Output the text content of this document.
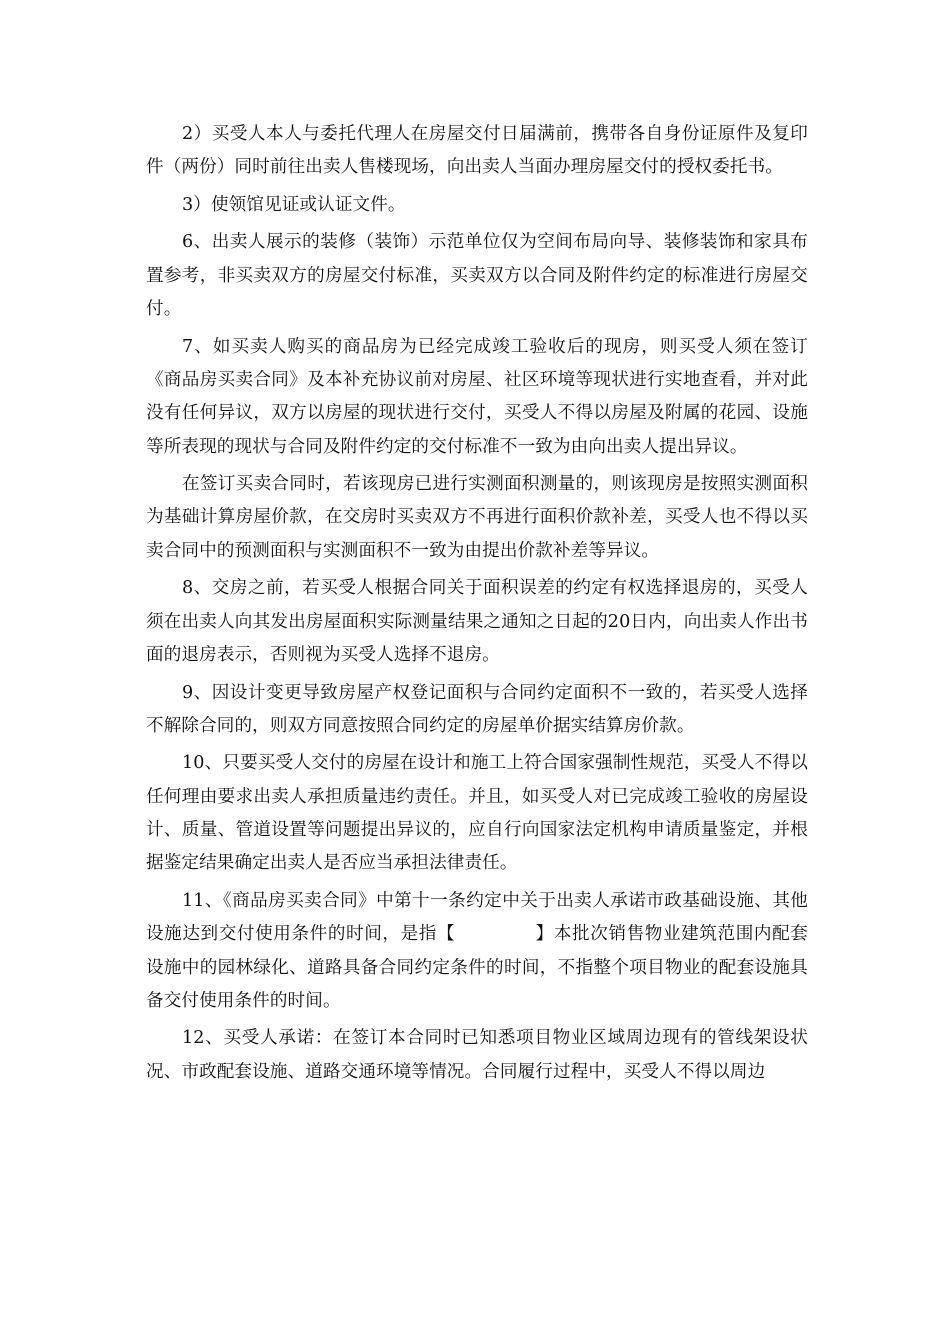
2）买受人本人与委托代理人在房屋交付日届满前，携带各自身份证原件及复印件（两份）同时前往出卖人售楼现场，向出卖人当面办理房屋交付的授权委托书。

3）使领馆见证或认证文件。

6、出卖人展示的装修（装饰）示范单位仅为空间布局向导、装修装饰和家具布置参考，非买卖双方的房屋交付标准，买卖双方以合同及附件约定的标准进行房屋交付。

7、如买卖人购买的商品房为已经完成竣工验收后的现房，则买受人须在签订《商品房买卖合同》及本补充协议前对房屋、社区环境等现状进行实地查看，并对此没有任何异议，双方以房屋的现状进行交付，买受人不得以房屋及附属的花园、设施等所表现的现状与合同及附件约定的交付标准不一致为由向出卖人提出异议。

在签订买卖合同时，若该现房已进行实测面积测量的，则该现房是按照实测面积为基础计算房屋价款，在交房时买卖双方不再进行面积价款补差，买受人也不得以买卖合同中的预测面积与实测面积不一致为由提出价款补差等异议。

8、交房之前，若买受人根据合同关于面积误差的约定有权选择退房的，买受人须在出卖人向其发出房屋面积实际测量结果之通知之日起的20日内，向出卖人作出书面的退房表示，否则视为买受人选择不退房。

9、因设计变更导致房屋产权登记面积与合同约定面积不一致的，若买受人选择不解除合同的，则双方同意按照合同约定的房屋单价据实结算房价款。

10、只要买受人交付的房屋在设计和施工上符合国家强制性规范，买受人不得以任何理由要求出卖人承担质量违约责任。并且，如买受人对已完成竣工验收的房屋设计、质量、管道设置等问题提出异议的，应自行向国家法定机构申请质量鉴定，并根据鉴定结果确定出卖人是否应当承担法律责任。

11、《商品房买卖合同》中第十一条约定中关于出卖人承诺市政基础设施、其他设施达到交付使用条件的时间，是指【	】本批次销售物业建筑范围内配套设施中的园林绿化、道路具备合同约定条件的时间，不指整个项目物业的配套设施具备交付使用条件的时间。

12、买受人承诺：在签订本合同时已知悉项目物业区域周边现有的管线架设状况、市政配套设施、道路交通环境等情况。合同履行过程中，买受人不得以周边
